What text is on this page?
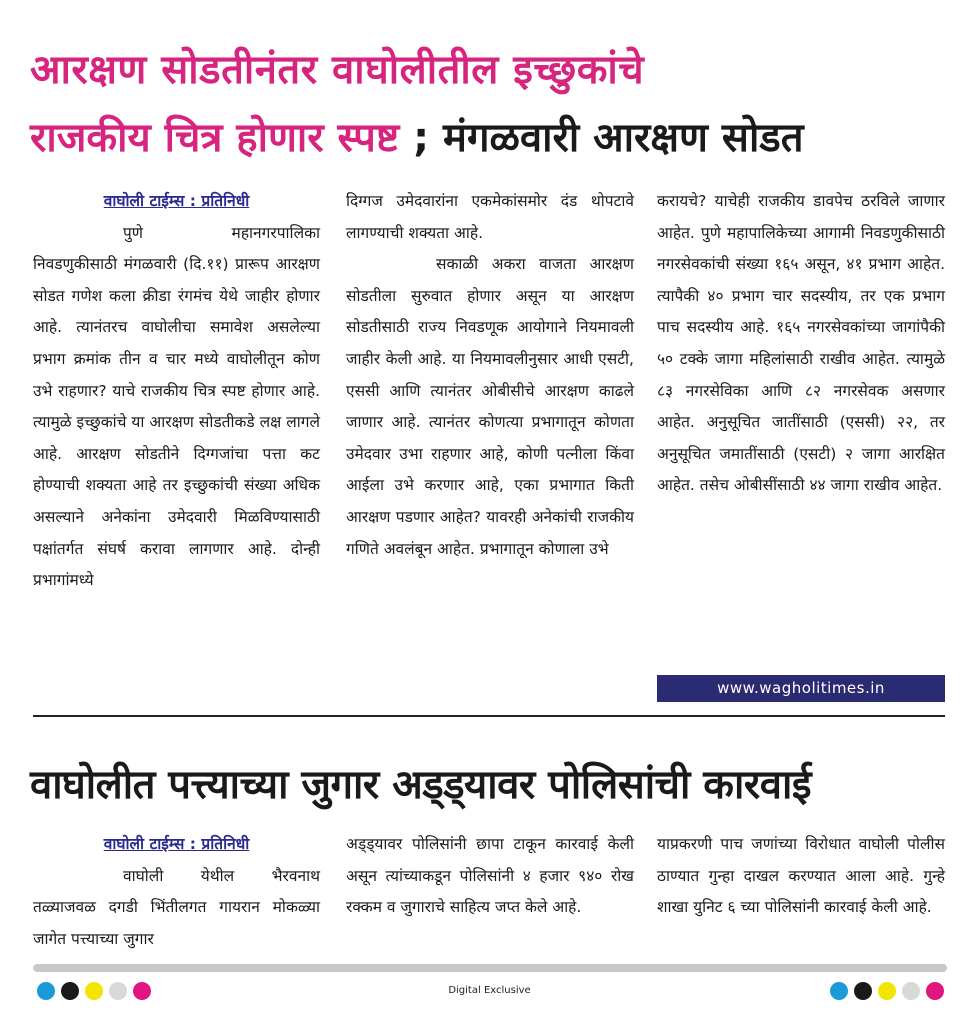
आरक्षण सोडतीनंतर वाघोलीतील इच्छुकांचे
राजकीय चित्र होणार स्पष्ट ; मंगळवारी आरक्षण सोडत
वाघोली टाईम्स : प्रतिनिधी

पुणे महानगरपालिका निवडणुकीसाठी मंगळवारी (दि.११) प्रारूप आरक्षण सोडत गणेश कला क्रीडा रंगमंच येथे जाहीर होणार आहे. त्यानंतरच वाघोलीचा समावेश असलेल्या प्रभाग क्रमांक तीन व चार मध्ये वाघोलीतून कोण उभे राहणार? याचे राजकीय चित्र स्पष्ट होणार आहे. त्यामुळे इच्छुकांचे या आरक्षण सोडतीकडे लक्ष लागले आहे. आरक्षण सोडतीने दिग्गजांचा पत्ता कट होण्याची शक्यता आहे तर इच्छुकांची संख्या अधिक असल्याने अनेकांना उमेदवारी मिळविण्यासाठी पक्षांतर्गत संघर्ष करावा लागणार आहे. दोन्ही प्रभागांमध्ये

दिग्गज उमेदवारांना एकमेकांसमोर दंड थोपटावे लागण्याची शक्यता आहे.

सकाळी अकरा वाजता आरक्षण सोडतीला सुरुवात होणार असून या आरक्षण सोडतीसाठी राज्य निवडणूक आयोगाने नियमावली जाहीर केली आहे. या नियमावलीनुसार आधी एसटी, एससी आणि त्यानंतर ओबीसीचे आरक्षण काढले जाणार आहे. त्यानंतर कोणत्या प्रभागातून कोणता उमेदवार उभा राहणार आहे, कोणी पत्नीला किंवा आईला उभे करणार आहे, एका प्रभागात किती आरक्षण पडणार आहेत? यावरही अनेकांची राजकीय गणिते अवलंबून आहेत. प्रभागातून कोणाला उभे

करायचे? याचेही राजकीय डावपेच ठरविले जाणार आहेत. पुणे महापालिकेच्या आगामी निवडणुकीसाठी नगरसेवकांची संख्या १६५ असून, ४१ प्रभाग आहेत. त्यापैकी ४० प्रभाग चार सदस्यीय, तर एक प्रभाग पाच सदस्यीय आहे. १६५ नगरसेवकांच्या जागांपैकी ५० टक्के जागा महिलांसाठी राखीव आहेत. त्यामुळे ८३ नगरसेविका आणि ८२ नगरसेवक असणार आहेत. अनुसूचित जातींसाठी (एससी) २२, तर अनुसूचित जमातींसाठी (एसटी) २ जागा आरक्षित आहेत. तसेच ओबीसींसाठी ४४ जागा राखीव आहेत.

www.wagholitimes.in
वाघोलीत पत्त्याच्या जुगार अड्ड्यावर पोलिसांची कारवाई
वाघोली टाईम्स : प्रतिनिधी

वाघोली येथील भैरवनाथ तळ्याजवळ दगडी भिंतीलगत गायरान मोकळ्या जागेत पत्त्याच्या जुगार

अड्ड्यावर पोलिसांनी छापा टाकून कारवाई केली असून त्यांच्याकडून पोलिसांनी ४ हजार ९४० रोख रक्कम व जुगाराचे साहित्य जप्त केले आहे.

याप्रकरणी पाच जणांच्या विरोधात वाघोली पोलीस ठाण्यात गुन्हा दाखल करण्यात आला आहे. गुन्हे शाखा युनिट ६ च्या पोलिसांनी कारवाई केली आहे.

Digital Exclusive
